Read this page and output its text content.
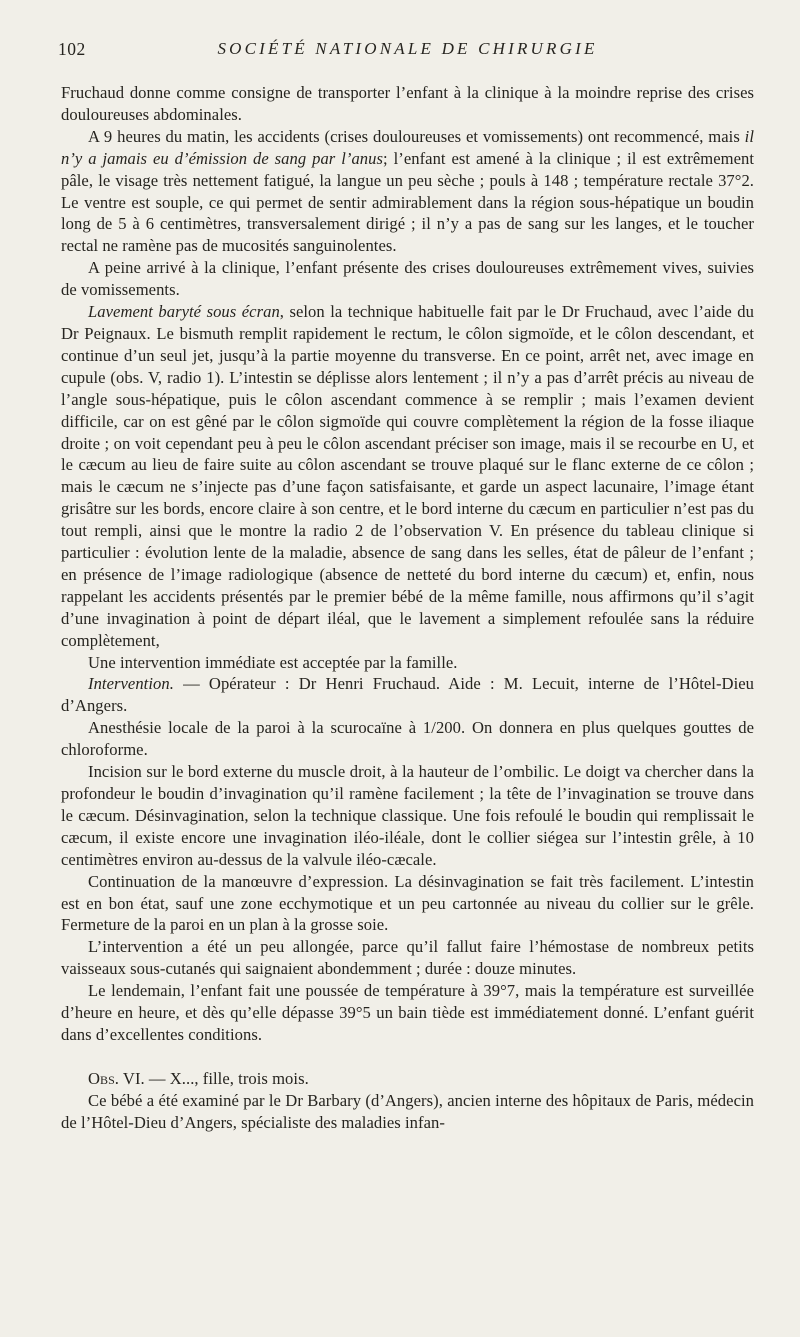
102	SOCIÉTÉ NATIONALE DE CHIRURGIE

Fruchaud donne comme consigne de transporter l’enfant à la clinique à la moindre reprise des crises douloureuses abdominales.

A 9 heures du matin, les accidents (crises douloureuses et vomissements) ont recommencé, mais il n’y a jamais eu d’émission de sang par l’anus; l’enfant est amené à la clinique ; il est extrêmement pâle, le visage très nettement fatigué, la langue un peu sèche ; pouls à 148 ; température rectale 37°2. Le ventre est souple, ce qui permet de sentir admirablement dans la région sous-hépatique un boudin long de 5 à 6 centimètres, transversalement dirigé ; il n’y a pas de sang sur les langes, et le toucher rectal ne ramène pas de mucosités sanguinolentes.

A peine arrivé à la clinique, l’enfant présente des crises douloureuses extrêmement vives, suivies de vomissements.

Lavement baryté sous écran, selon la technique habituelle fait par le Dr Fruchaud, avec l’aide du Dr Peignaux. Le bismuth remplit rapidement le rectum, le côlon sigmoïde, et le côlon descendant, et continue d’un seul jet, jusqu’à la partie moyenne du transverse. En ce point, arrêt net, avec image en cupule (obs. V, radio 1). L’intestin se déplisse alors lentement ; il n’y a pas d’arrêt précis au niveau de l’angle sous-hépatique, puis le côlon ascendant commence à se remplir ; mais l’examen devient difficile, car on est gêné par le côlon sigmoïde qui couvre complètement la région de la fosse iliaque droite ; on voit cependant peu à peu le côlon ascendant préciser son image, mais il se recourbe en U, et le cæcum au lieu de faire suite au côlon ascendant se trouve plaqué sur le flanc externe de ce côlon ; mais le cæcum ne s’injecte pas d’une façon satisfaisante, et garde un aspect lacunaire, l’image étant grisâtre sur les bords, encore claire à son centre, et le bord interne du cæcum en particulier n’est pas du tout rempli, ainsi que le montre la radio 2 de l’observation V. En présence du tableau clinique si particulier : évolution lente de la maladie, absence de sang dans les selles, état de pâleur de l’enfant ; en présence de l’image radiologique (absence de netteté du bord interne du cæcum) et, enfin, nous rappelant les accidents présentés par le premier bébé de la même famille, nous affirmons qu’il s’agit d’une invagination à point de départ iléal, que le lavement a simplement refoulée sans la réduire complètement,

Une intervention immédiate est acceptée par la famille.

Intervention. — Opérateur : Dr Henri Fruchaud. Aide : M. Lecuit, interne de l’Hôtel-Dieu d’Angers.

Anesthésie locale de la paroi à la scurocaïne à 1/200. On donnera en plus quelques gouttes de chloroforme.

Incision sur le bord externe du muscle droit, à la hauteur de l’ombilic. Le doigt va chercher dans la profondeur le boudin d’invagination qu’il ramène facilement ; la tête de l’invagination se trouve dans le cæcum. Désinvagination, selon la technique classique. Une fois refoulé le boudin qui remplissait le cæcum, il existe encore une invagination iléo-iléale, dont le collier siégea sur l’intestin grêle, à 10 centimètres environ au-dessus de la valvule iléo-cæcale.

Continuation de la manœuvre d’expression. La désinvagination se fait très facilement. L’intestin est en bon état, sauf une zone ecchymotique et un peu cartonnée au niveau du collier sur le grêle. Fermeture de la paroi en un plan à la grosse soie.

L’intervention a été un peu allongée, parce qu’il fallut faire l’hémostase de nombreux petits vaisseaux sous-cutanés qui saignaient abondemment ; durée : douze minutes.

Le lendemain, l’enfant fait une poussée de température à 39°7, mais la température est surveillée d’heure en heure, et dès qu’elle dépasse 39°5 un bain tiède est immédiatement donné. L’enfant guérit dans d’excellentes conditions.

Obs. VI. — X..., fille, trois mois.

Ce bébé a été examiné par le Dr Barbary (d’Angers), ancien interne des hôpitaux de Paris, médecin de l’Hôtel-Dieu d’Angers, spécialiste des maladies infan-
